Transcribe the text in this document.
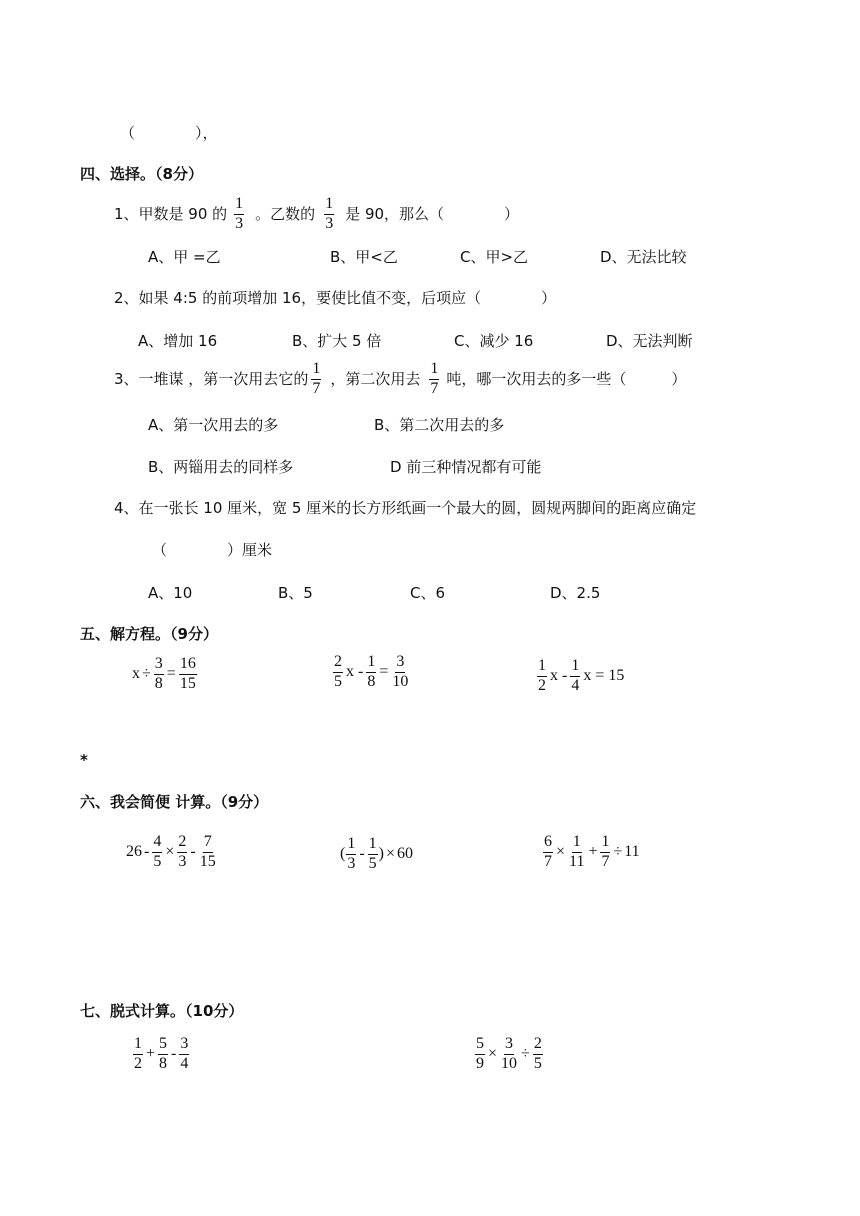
（　　　　），
四、选择。（8分）
1、甲数是 90 的 $\frac{1}{3}$ 。乙数的 $\frac{1}{3}$ 是 90，那么（　　　　）
A、甲 =乙	B、甲<乙	C、甲>乙	D、无法比较
2、如果 4:5 的前项增加 16，要使比值不变，后项应（　　　　）
A、增加 16	B、扩大 5 倍	C、减少 16	D、无法判断
3、一堆谋 ，第一次用去它的 $\frac{1}{7}$ ，第二次用去 $\frac{1}{7}$ 吨，哪一次用去的多一些（　　　）
A、第一次用去的多	B、第二次用去的多
B、两锱用去的同样多	D 前三种情况都有可能
4、在一张长 10 厘米，宽 5 厘米的长方形纸画一个最大的圆，圆规两脚间的距离应确定
（　　　　）厘米
A、10	B、5	C、6	D、2.5
五、解方程。（9分）
$x \div \frac{3}{8} = \frac{16}{15}$	$\frac{2}{5}$ $x - \frac{1}{8} = \frac{3}{10}$	$\frac{1}{2}$ x - $\frac{1}{4}$ x = 15
*
六、我会简便 计算。（9分）
$26 - \frac{4}{5} \times \frac{2}{3} - \frac{7}{15}$	( $\frac{1}{3} - \frac{1}{5}$ ) × 60	$\frac{6}{7} \times \frac{1}{11} + \frac{1}{7} \div 11$
七、脱式计算。（10分）
$\frac{1}{2} + \frac{5}{8} - \frac{3}{4}$	$\frac{5}{9} \times \frac{3}{10} \div \frac{2}{5}$
